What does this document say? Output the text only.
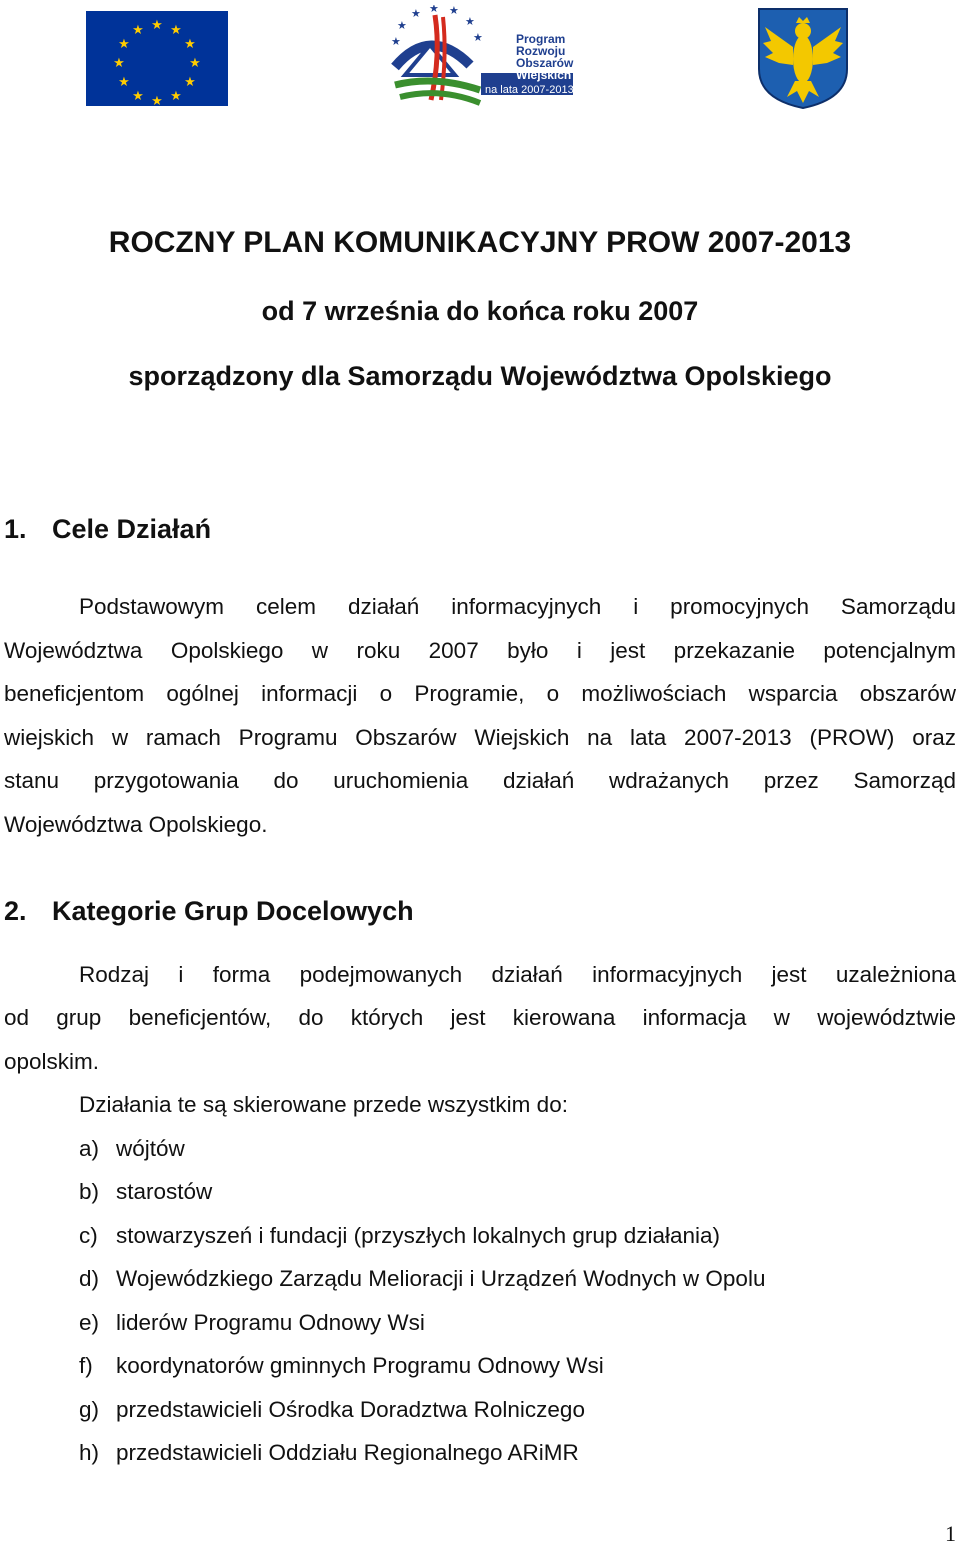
★ ★
★
★
★
★
★
★
★
★
★
★
★
★
★ ★ ★
★
★	Program
Rozwoju
Obszarów
Wiejskich
na lata 2007-2013
ROCZNY PLAN KOMUNIKACYJNY PROW 2007-2013
od 7 września do końca roku 2007
sporządzony dla Samorządu Województwa Opolskiego
1. Cele Działań
Podstawowym celem działań informacyjnych i promocyjnych Samorządu
Województwa Opolskiego w roku 2007 było i jest przekazanie potencjalnym
beneficjentom ogólnej informacji o Programie, o możliwościach wsparcia obszarów
wiejskich w ramach Programu Obszarów Wiejskich na lata 2007-2013 (PROW) oraz
stanu przygotowania do uruchomienia działań wdrażanych przez Samorząd
Województwa Opolskiego.
2. Kategorie Grup Docelowych
Rodzaj i forma podejmowanych działań informacyjnych jest uzależniona
od grup beneficjentów, do których jest kierowana informacja w województwie
opolskim.
Działania te są skierowane przede wszystkim do:
a) wójtów
b) starostów
c) stowarzyszeń i fundacji (przyszłych lokalnych grup działania)
d) Wojewódzkiego Zarządu Melioracji i Urządzeń Wodnych w Opolu
e) liderów Programu Odnowy Wsi
f) koordynatorów gminnych Programu Odnowy Wsi
g) przedstawicieli Ośrodka Doradztwa Rolniczego
h) przedstawicieli Oddziału Regionalnego ARiMR
1
